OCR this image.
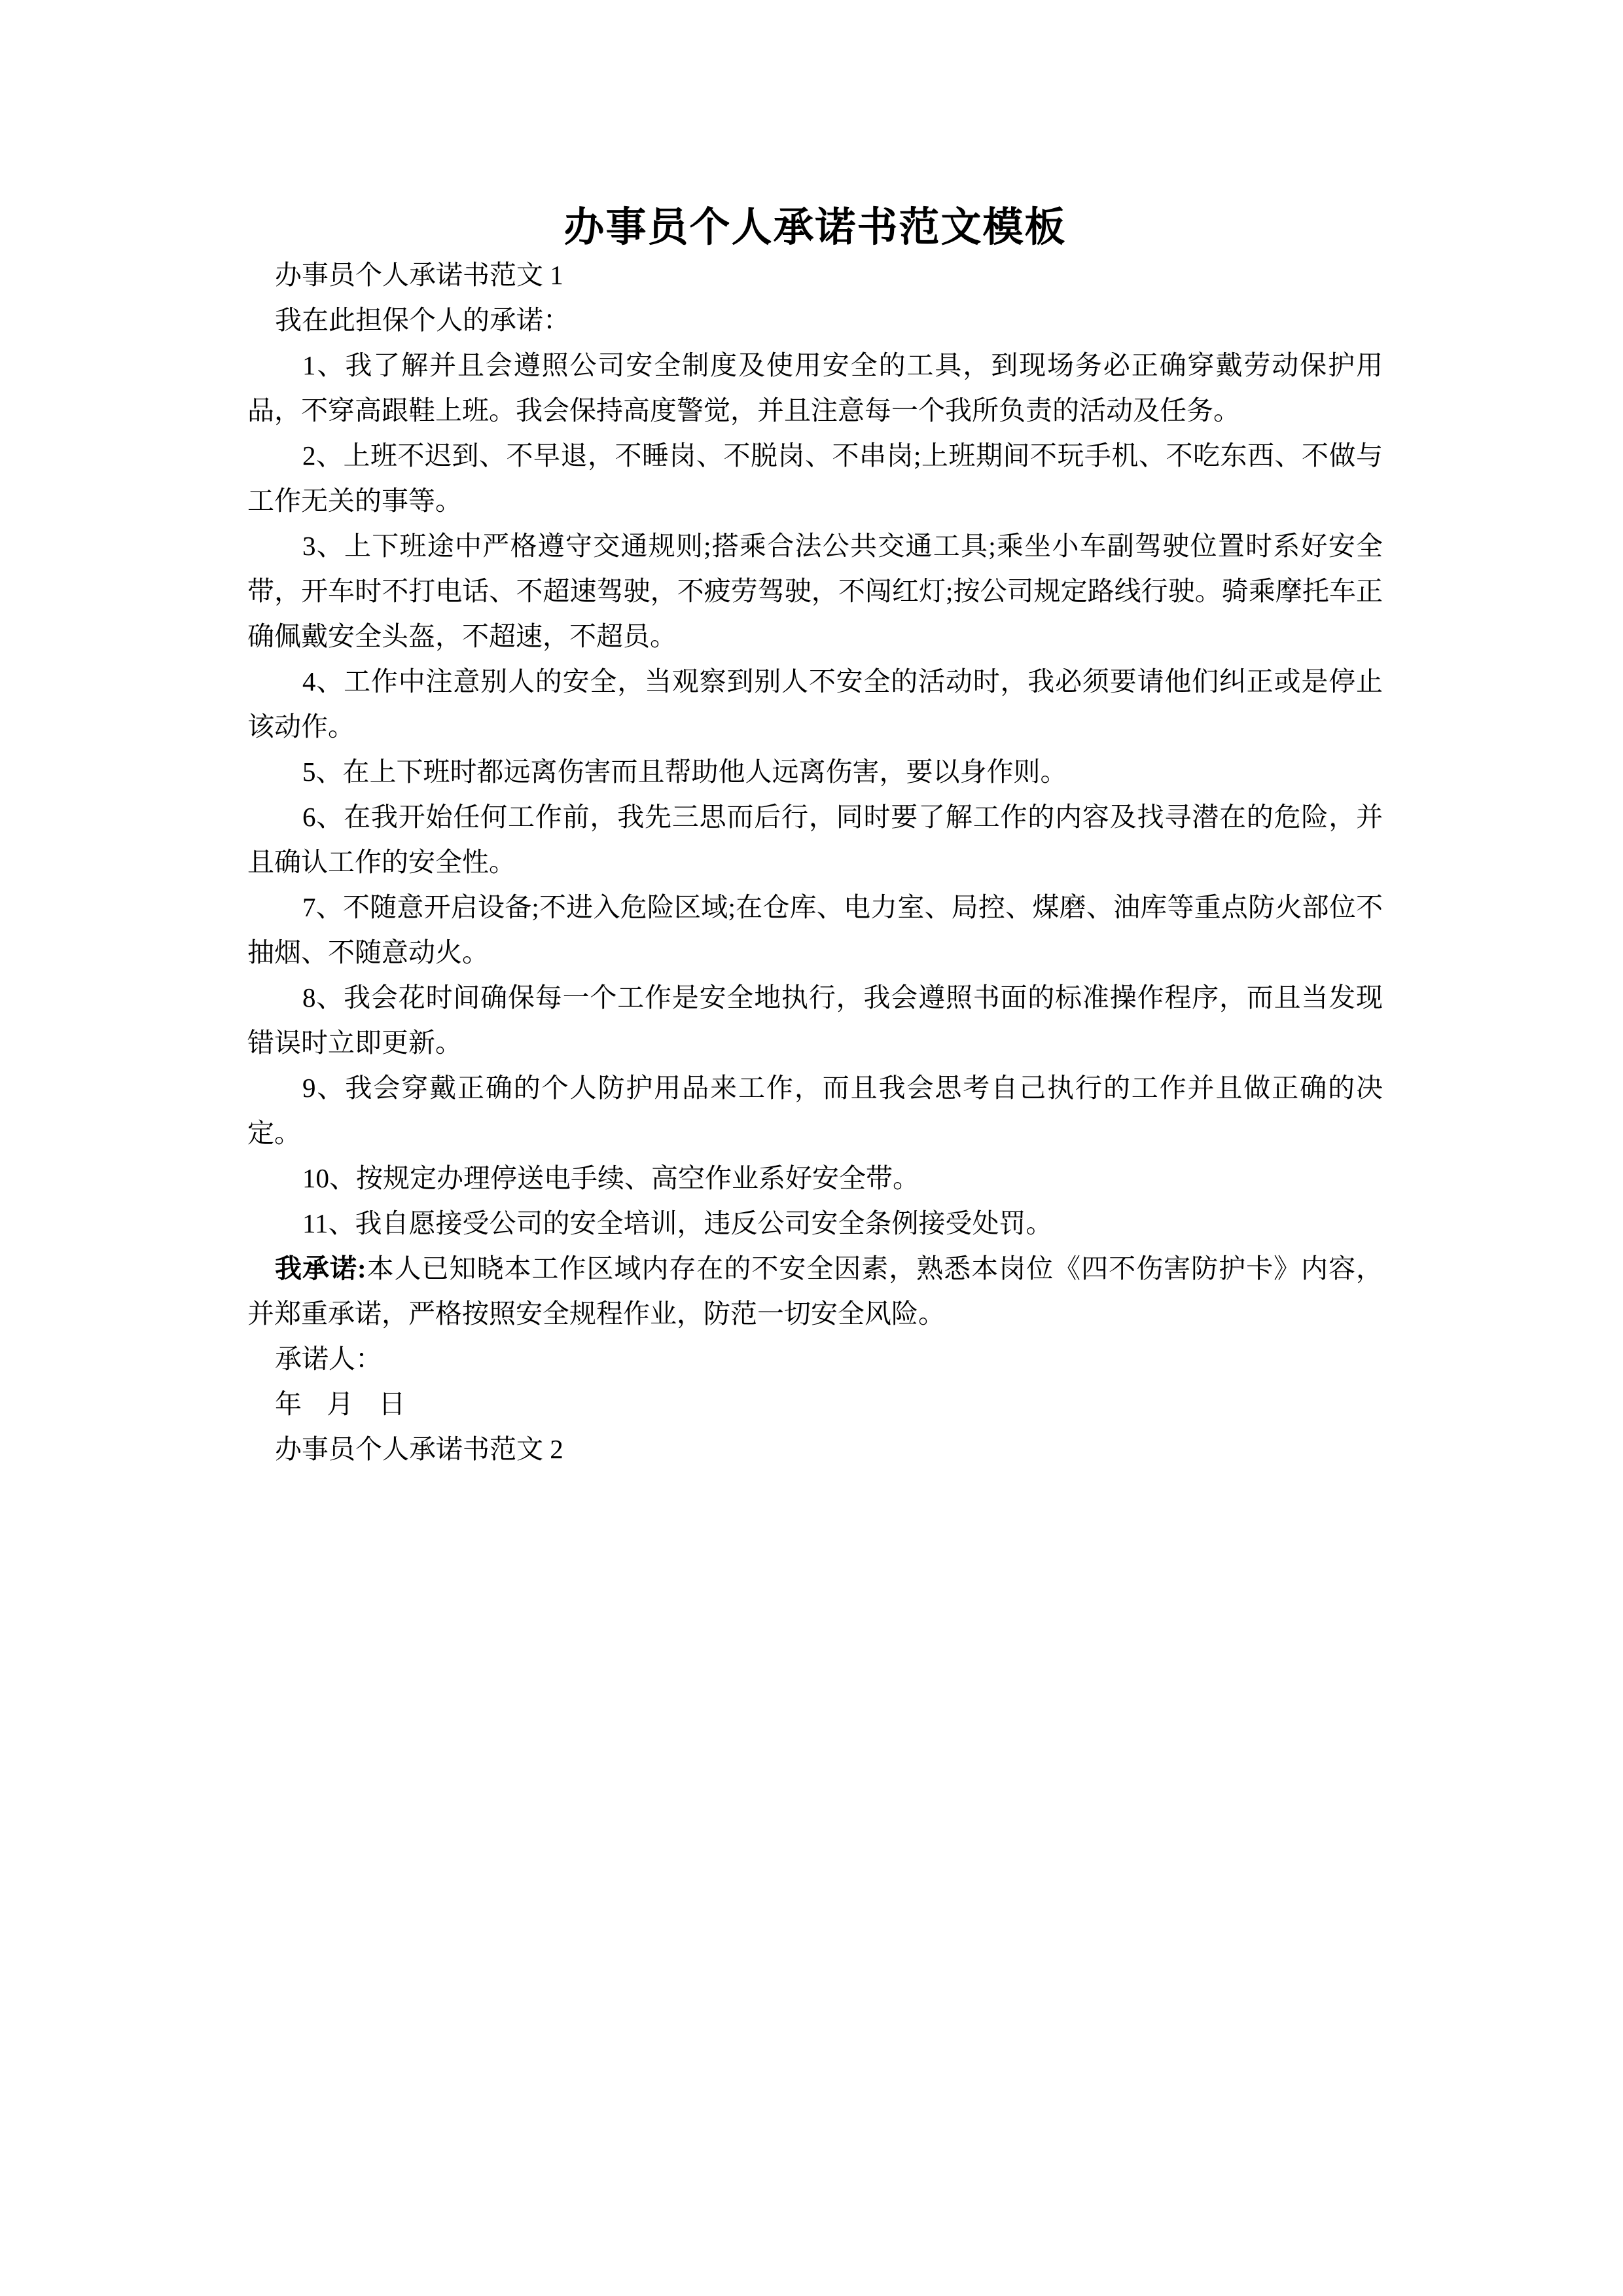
办事员个人承诺书范文模板

办事员个人承诺书范文 1

我在此担保个人的承诺：

1、我了解并且会遵照公司安全制度及使用安全的工具，到现场务必正确穿戴劳动保护用品，不穿高跟鞋上班。我会保持高度警觉，并且注意每一个我所负责的活动及任务。

2、上班不迟到、不早退，不睡岗、不脱岗、不串岗;上班期间不玩手机、不吃东西、不做与工作无关的事等。

3、上下班途中严格遵守交通规则;搭乘合法公共交通工具;乘坐小车副驾驶位置时系好安全带，开车时不打电话、不超速驾驶，不疲劳驾驶，不闯红灯;按公司规定路线行驶。骑乘摩托车正确佩戴安全头盔，不超速，不超员。

4、工作中注意别人的安全，当观察到别人不安全的活动时，我必须要请他们纠正或是停止该动作。

5、在上下班时都远离伤害而且帮助他人远离伤害，要以身作则。

6、在我开始任何工作前，我先三思而后行，同时要了解工作的内容及找寻潜在的危险，并且确认工作的安全性。

7、不随意开启设备;不进入危险区域;在仓库、电力室、局控、煤磨、油库等重点防火部位不抽烟、不随意动火。

8、我会花时间确保每一个工作是安全地执行，我会遵照书面的标准操作程序，而且当发现错误时立即更新。

9、我会穿戴正确的个人防护用品来工作，而且我会思考自己执行的工作并且做正确的决定。

10、按规定办理停送电手续、高空作业系好安全带。

11、我自愿接受公司的安全培训，违反公司安全条例接受处罚。

我承诺:本人已知晓本工作区域内存在的不安全因素，熟悉本岗位《四不伤害防护卡》内容，并郑重承诺，严格按照安全规程作业，防范一切安全风险。

承诺人：

年 月 日

办事员个人承诺书范文 2
